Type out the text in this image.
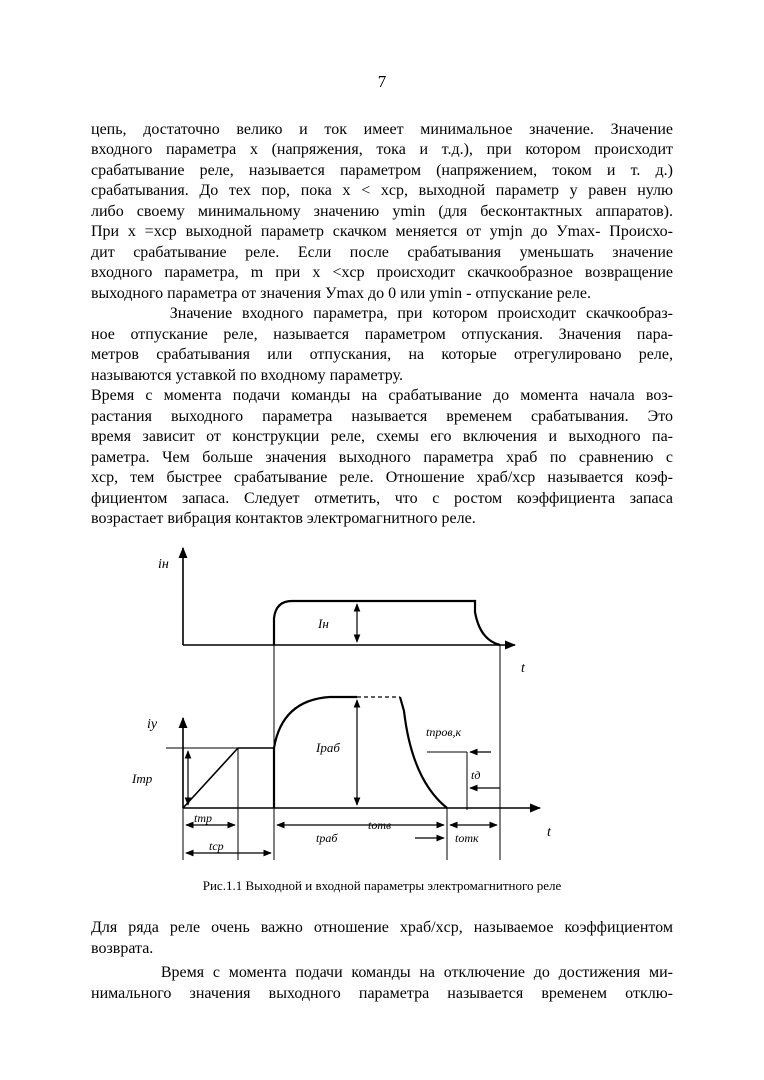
7
цепь, достаточно велико и ток имеет минимальное значение. Значение
входного параметра x (напряжения, тока и т.д.), при котором происходит
срабатывание реле, называется параметром (напряжением, током и т. д.)
срабатывания. До тех пор, пока x < xср, выходной параметр y равен нулю
либо своему минимальному значению ymin (для бесконтактных аппаратов).
При x =xср выходной параметр скачком меняется от ymjn до Уmax- Происхо-
дит срабатывание реле. Если после срабатывания уменьшать значение
входного параметра, m при x <xср происходит скачкообразное возвращение
выходного параметра от значения Уmax до 0 или ymin - отпускание реле.
Значение входного параметра, при котором происходит скачкообраз-
ное отпускание реле, называется параметром отпускания. Значения пара-
метров срабатывания или отпускания, на которые отрегулировано реле,
называются уставкой по входному параметру.
Время с момента подачи команды на срабатывание до момента начала воз-
растания выходного параметра называется временем срабатывания. Это
время зависит от конструкции реле, схемы его включения и выходного па-
раметра. Чем больше значения выходного параметра xраб по сравнению с
xср, тем быстрее срабатывание реле. Отношение xраб/xср называется коэф-
фициентом запаса. Следует отметить, что с ростом коэффициента запаса
возрастает вибрация контактов электромагнитного реле.
iн
Iн
t
iу
Iтр
Iраб
tпров,к
tд
t
tтр
tраб
tотв
tотк
tср
Рис.1.1 Выходной и входной параметры электромагнитного реле
Для ряда реле очень важно отношение xраб/xср, называемое коэффициентом
возврата.
Время с момента подачи команды на отключение до достижения ми-
нимального значения выходного параметра называется временем отклю-
